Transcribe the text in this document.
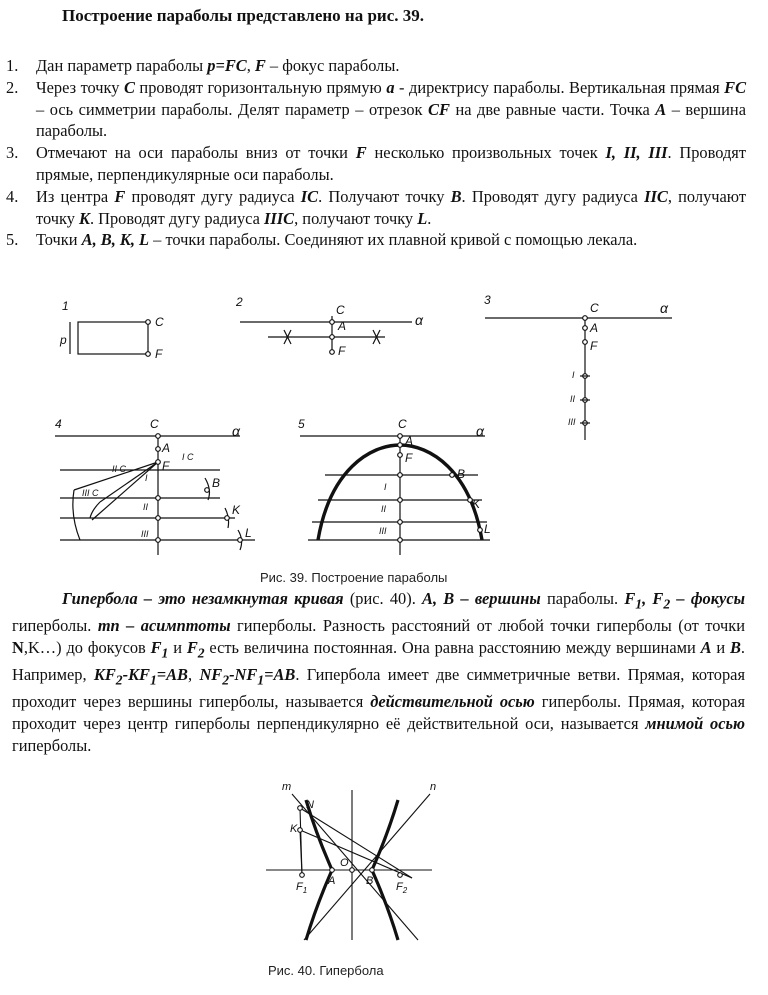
Построение параболы представлено на рис. 39.
1. Дан параметр параболы p=FC, F – фокус параболы.
2. Через точку C проводят горизонтальную прямую a - директрису параболы. Вертикальная прямая FC – ось симметрии параболы. Делят параметр – отрезок CF на две равные части. Точка A – вершина параболы.
3. Отмечают на оси параболы вниз от точки F несколько произвольных точек I, II, III. Проводят прямые, перпендикулярные оси параболы.
4. Из центра F проводят дугу радиуса IC. Получают точку B. Проводят дугу радиуса IIC, получают точку K. Проводят дугу радиуса IIIC, получают точку L.
5. Точки A, B, K, L – точки параболы. Соединяют их плавной кривой с помощью лекала.
1
C
F
p
2
C
A
F
α
3
C
A
F
α
I
II
III
4	C
A
F
α
B
K
L
I C
II C
III C
I
II
III
5	C
A
F
α
B
K
L
I
II
III
Рис. 39. Построение параболы

Гипербола – это незамкнутая кривая (рис. 40). A, B – вершины параболы. $F_1$, $F_2$ – фокусы гиперболы. mn – асимптоты гиперболы. Разность расстояний от любой точки гиперболы (от точки N,K…) до фокусов $F_1$ и $F_2$ есть величина постоянная. Она равна расстоянию между вершинами A и B. Например, $KF_2-KF_1=AB$, $NF_2-NF_1=AB$. Гипербола имеет две симметричные ветви. Прямая, которая проходит через вершины гиперболы, называется действительной осью гиперболы. Прямая, которая проходит через центр гиперболы перпендикулярно её действительной оси, называется мнимой осью гиперболы.

m	n
N
K
O
$F_1$
A	B $F_2$
Рис. 40. Гипербола
